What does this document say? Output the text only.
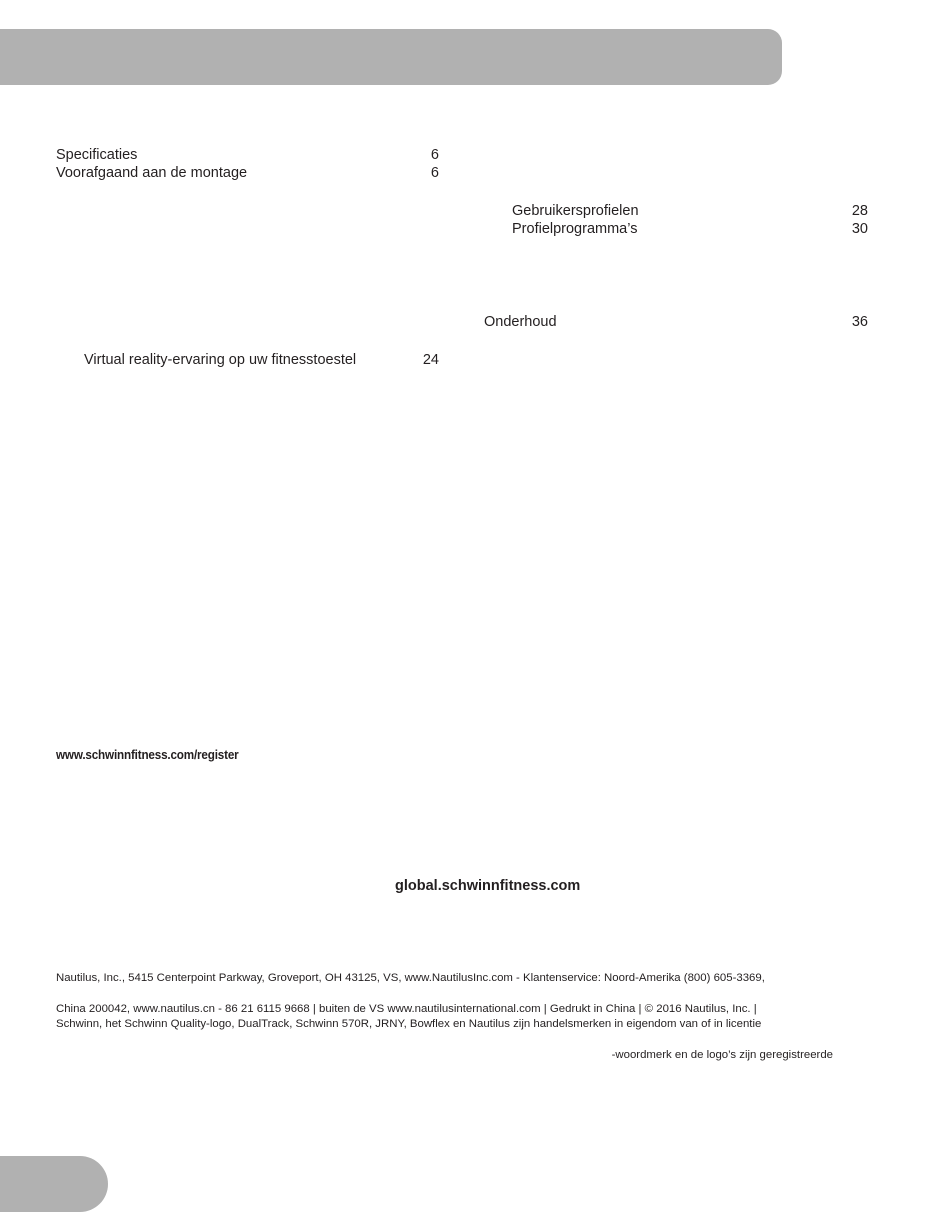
Specificaties	6
Voorafgaand aan de montage	6
Virtual reality-ervaring op uw fitnesstoestel	24
Gebruikersprofielen	28
Profielprogramma’s	30
Onderhoud	36
www.schwinnfitness.com/register
global.schwinnfitness.com
Nautilus, Inc., 5415 Centerpoint Parkway, Groveport, OH 43125, VS, www.NautilusInc.com - Klantenservice: Noord-Amerika (800) 605-3369,
China 200042, www.nautilus.cn - 86 21 6115 9668 | buiten de VS www.nautilusinternational.com | Gedrukt in China | © 2016 Nautilus, Inc. |
Schwinn, het Schwinn Quality-logo, DualTrack, Schwinn 570R, JRNY, Bowflex en Nautilus zijn handelsmerken in eigendom van of in licentie
-woordmerk en de logo’s zijn geregistreerde
